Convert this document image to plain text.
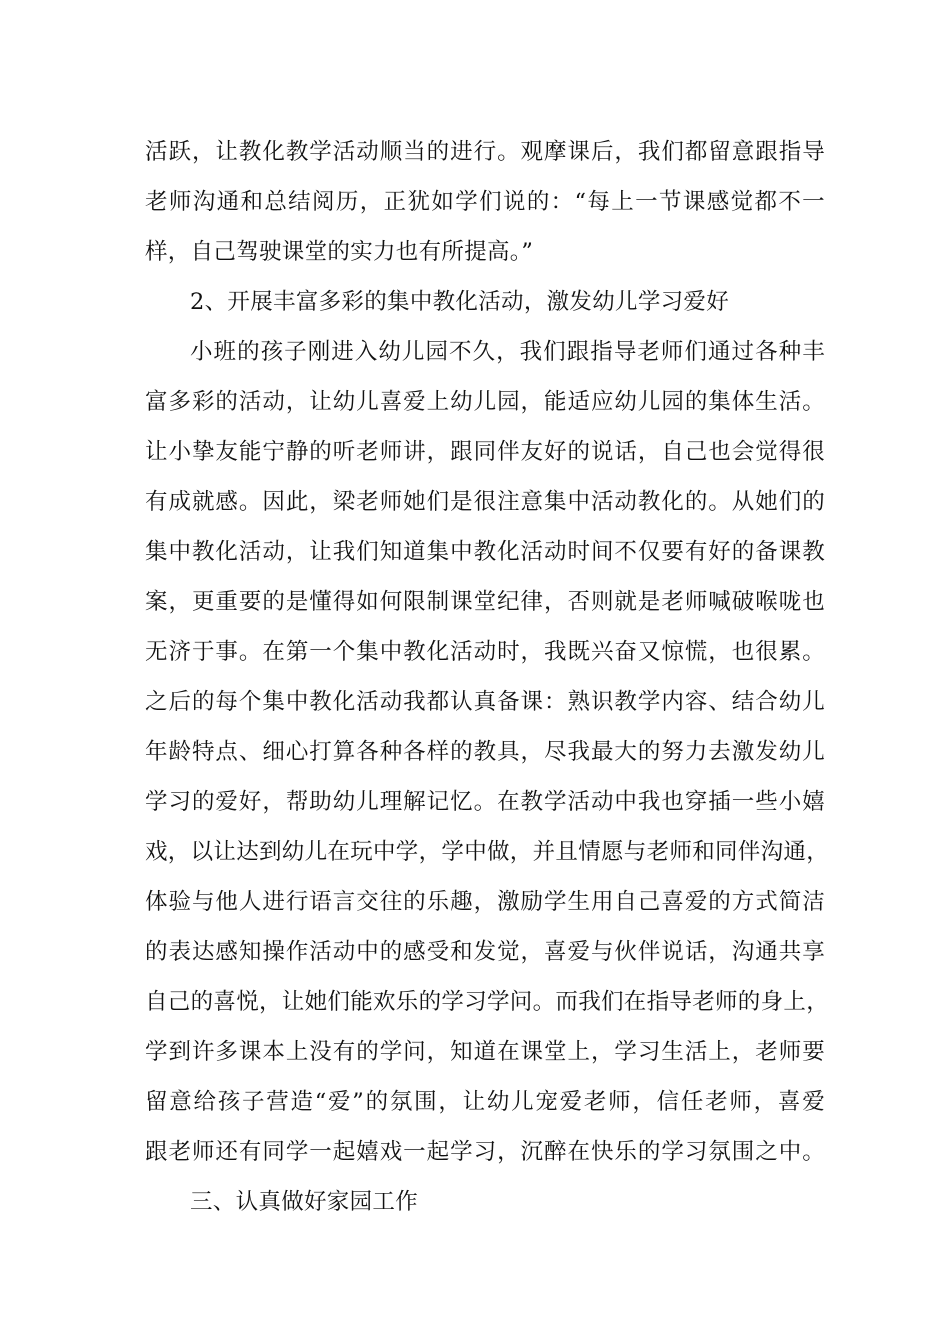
活跃，让教化教学活动顺当的进行。观摩课后，我们都留意跟指导
老师沟通和总结阅历，正犹如学们说的：“每上一节课感觉都不一
样，自己驾驶课堂的实力也有所提高。”
2、开展丰富多彩的集中教化活动，激发幼儿学习爱好
小班的孩子刚进入幼儿园不久，我们跟指导老师们通过各种丰
富多彩的活动，让幼儿喜爱上幼儿园，能适应幼儿园的集体生活。
让小挚友能宁静的听老师讲，跟同伴友好的说话，自己也会觉得很
有成就感。因此，梁老师她们是很注意集中活动教化的。从她们的
集中教化活动，让我们知道集中教化活动时间不仅要有好的备课教
案，更重要的是懂得如何限制课堂纪律，否则就是老师喊破喉咙也
无济于事。在第一个集中教化活动时，我既兴奋又惊慌，也很累。
之后的每个集中教化活动我都认真备课：熟识教学内容、结合幼儿
年龄特点、细心打算各种各样的教具，尽我最大的努力去激发幼儿
学习的爱好，帮助幼儿理解记忆。在教学活动中我也穿插一些小嬉
戏，以让达到幼儿在玩中学，学中做，并且情愿与老师和同伴沟通，
体验与他人进行语言交往的乐趣，激励学生用自己喜爱的方式简洁
的表达感知操作活动中的感受和发觉，喜爱与伙伴说话，沟通共享
自己的喜悦，让她们能欢乐的学习学问。而我们在指导老师的身上，
学到许多课本上没有的学问，知道在课堂上，学习生活上，老师要
留意给孩子营造“爱”的氛围，让幼儿宠爱老师，信任老师，喜爱
跟老师还有同学一起嬉戏一起学习，沉醉在快乐的学习氛围之中。
三、认真做好家园工作
